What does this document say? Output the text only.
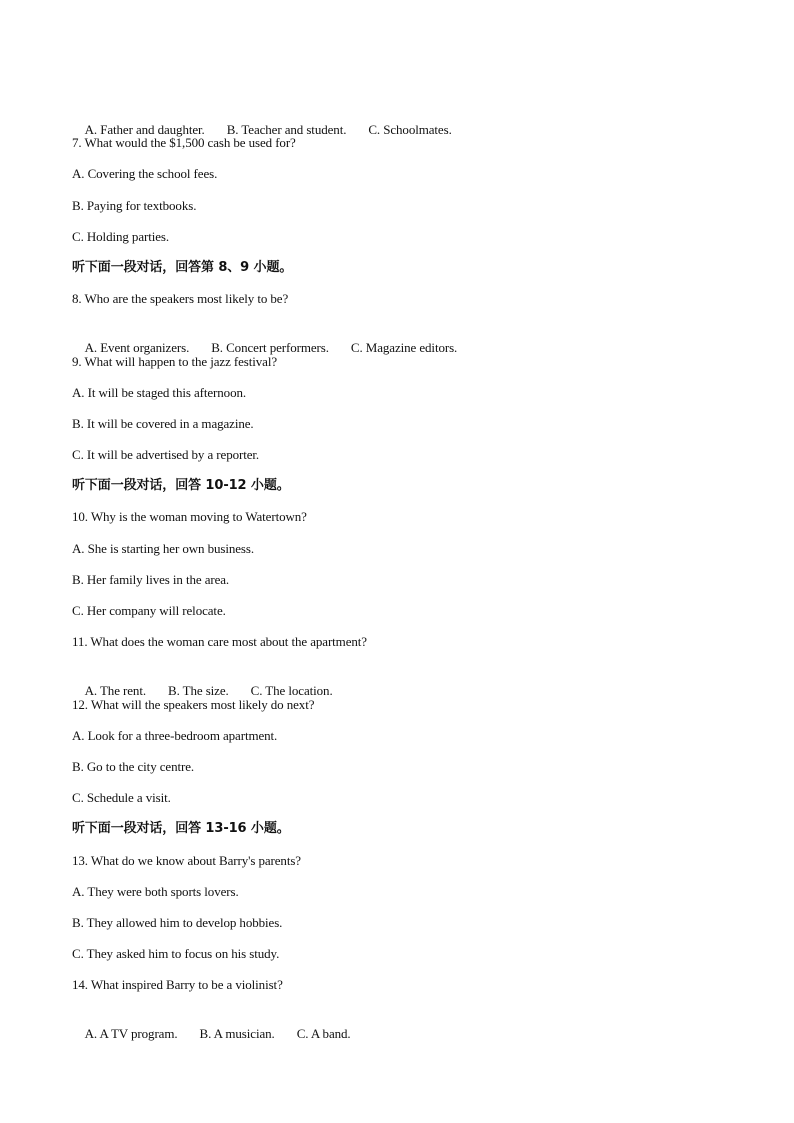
A. Father and daughter. B. Teacher and student. C. Schoolmates.

7. What would the $1,500 cash be used for?
A. Covering the school fees.
B. Paying for textbooks.
C. Holding parties.
听下面一段对话，回答第 8、9 小题。
8. Who are the speakers most likely to be?

A. Event organizers. B. Concert performers. C. Magazine editors.

9. What will happen to the jazz festival?
A. It will be staged this afternoon.
B. It will be covered in a magazine.
C. It will be advertised by a reporter.
听下面一段对话，回答 10-12 小题。
10. Why is the woman moving to Watertown?
A. She is starting her own business.
B. Her family lives in the area.
C. Her company will relocate.
11. What does the woman care most about the apartment?

A. The rent. B. The size. C. The location.

12. What will the speakers most likely do next?
A. Look for a three-bedroom apartment.
B. Go to the city centre.
C. Schedule a visit.
听下面一段对话，回答 13-16 小题。
13. What do we know about Barry's parents?
A. They were both sports lovers.
B. They allowed him to develop hobbies.
C. They asked him to focus on his study.
14. What inspired Barry to be a violinist?

A. A TV program. B. A musician. C. A band.
